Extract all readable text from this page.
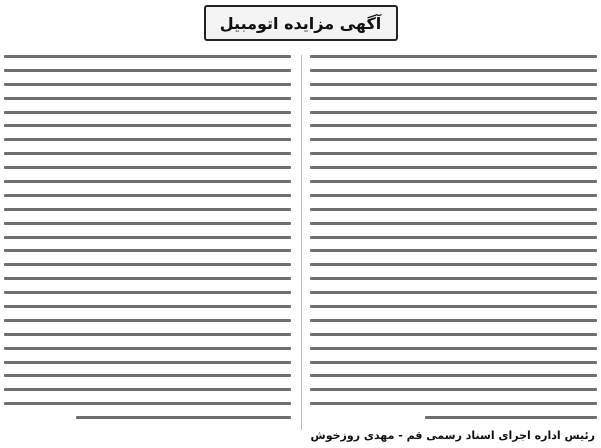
آگهی مزایده اتومبیل
رئیس اداره اجرای اسناد رسمی قم - مهدی روزخوش
